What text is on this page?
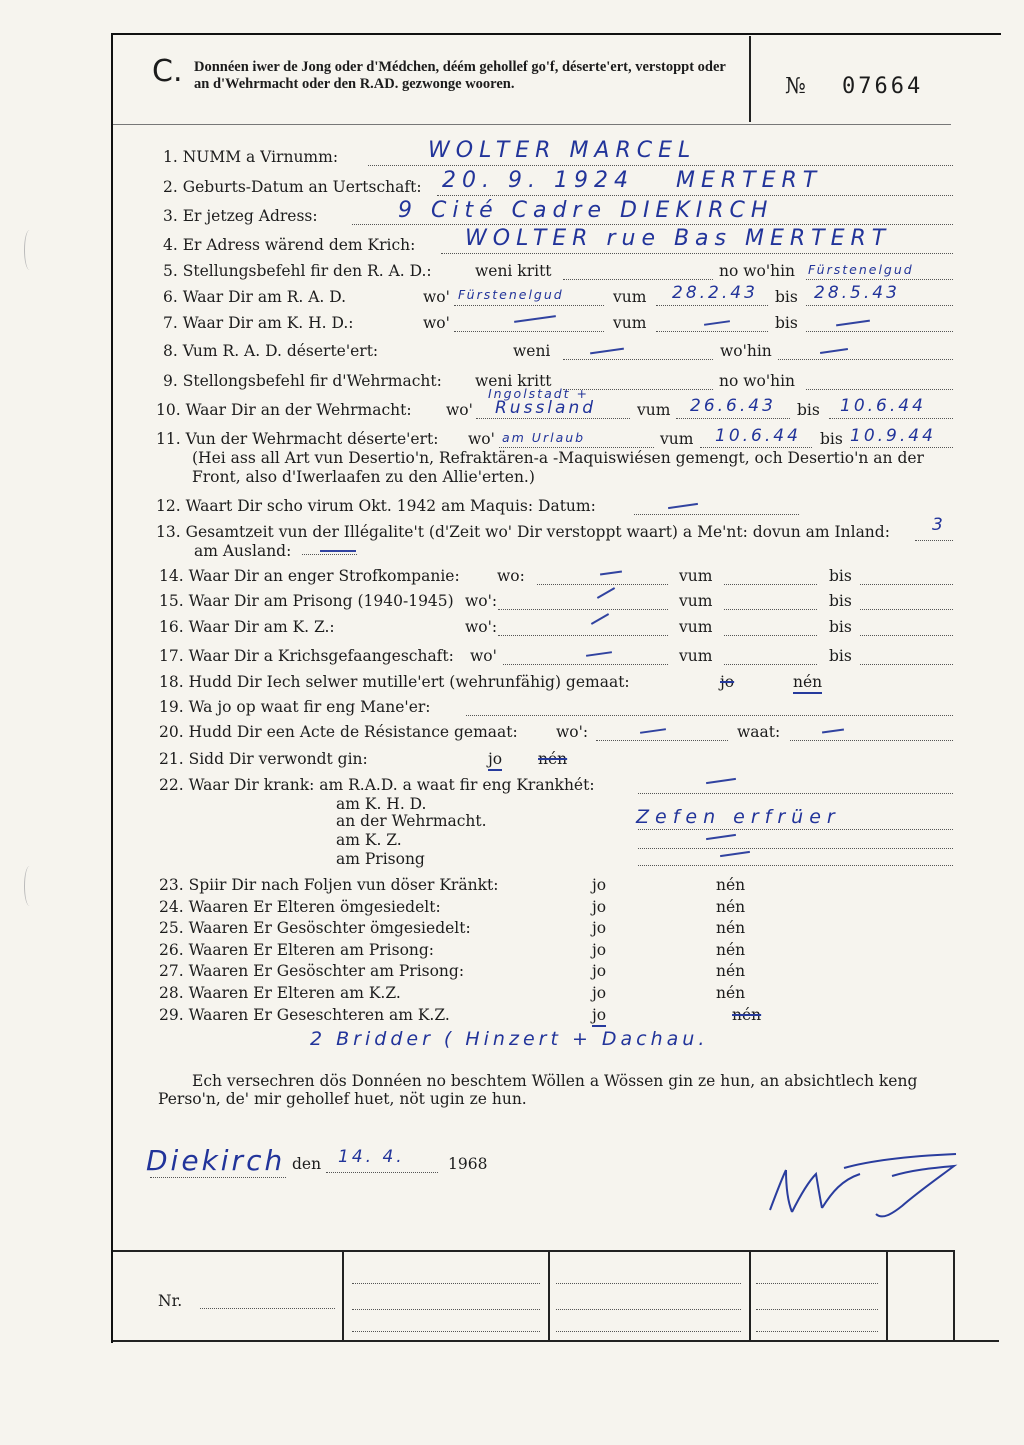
C. Donnéen iwer de Jong oder d'Médchen, déém gehollef go'f, déserte'ert, verstoppt oder an d'Wehrmacht oder den R.AD. gezwonge wooren.	№ 07664
1. NUMM a Virnumm:	WOLTER MARCEL
2. Geburts-Datum an Uertschaft: 20. 9. 1924 MERTERT
3. Er jetzeg Adress:	9 Cité Cadre DIEKIRCH
4. Er Adress wärend dem Krich: WOLTER rue Bas MERTERT
5. Stellungsbefehl fir den R. A. D.:	weni kritt	no wo'hin Fürstenelgud
6. Waar Dir am R. A. D.	wo' Fürstenelgud	vum 28.2.43 bis 28.5.43
7. Waar Dir am K. H. D.:	wo'	vum	bis
8. Vum R. A. D. déserte'ert:	weni	wo'hin
9. Stellongsbefehl fir d'Wehrmacht: weni kritt	no wo'hin
Ingolstadt +
10. Waar Dir an der Wehrmacht: wo' Russland	vum 26.6.43 bis 10.6.44
11. Vun der Wehrmacht déserte'ert: wo' am Urlaub	vum 10.6.44 bis 10.9.44
(Hei ass all Art vun Desertio'n, Refraktären-a -Maquiswiésen gemengt, och Desertio'n an der
Front, also d'Iwerlaafen zu den Allie'erten.)
12. Waart Dir scho virum Okt. 1942 am Maquis: Datum:
13. Gesamtzeit vun der Illégalite't (d'Zeit wo' Dir verstoppt waart) a Me'nt: dovun am Inland: 3
am Ausland:
14. Waar Dir an enger Strofkompanie: wo:	vum	bis
15. Waar Dir am Prisong (1940-1945) wo':	vum	bis
16. Waar Dir am K. Z.:	wo':	vum	bis
17. Waar Dir a Krichsgefaangeschaft: wo'	vum	bis
18. Hudd Dir Iech selwer mutille'ert (wehrunfähig) gemaat:	jo	nén
19. Wa jo op waat fir eng Mane'er:
20. Hudd Dir een Acte de Résistance gemaat: wo':	waat:
21. Sidd Dir verwondt gin:	jo nén
22. Waar Dir krank: am R.A.D. a waat fir eng Krankhét:
am K. H. D.
an der Wehrmacht.	Zefen erfrüer
am K. Z.
am Prisong
23. Spiir Dir nach Foljen vun döser Kränkt:	jo	nén
24. Waaren Er Elteren ömgesiedelt:	jo	nén
25. Waaren Er Gesöschter ömgesiedelt:	jo	nén
26. Waaren Er Elteren am Prisong:	jo	nén
27. Waaren Er Gesöschter am Prisong:	jo	nén
28. Waaren Er Elteren am K.Z.	jo	nén
29. Waaren Er Geseschteren am K.Z.	jo	nén
2 Bridder ( Hinzert + Dachau.
Ech versechren dös Donnéen no beschtem Wöllen a Wössen gin ze hun, an absichtlech keng Perso'n, de' mir gehollef huet, nöt ugin ze hun.
Diekirch den 14. 4.	1968
Nr.
